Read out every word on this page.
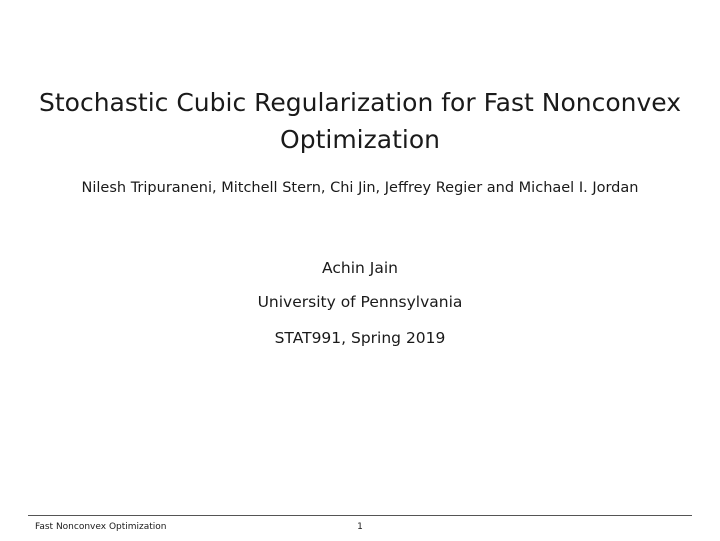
Stochastic Cubic Regularization for Fast Nonconvex Optimization
Nilesh Tripuraneni, Mitchell Stern, Chi Jin, Jeffrey Regier and Michael I. Jordan
Achin Jain
University of Pennsylvania
STAT991, Spring 2019
Fast Nonconvex Optimization	1
